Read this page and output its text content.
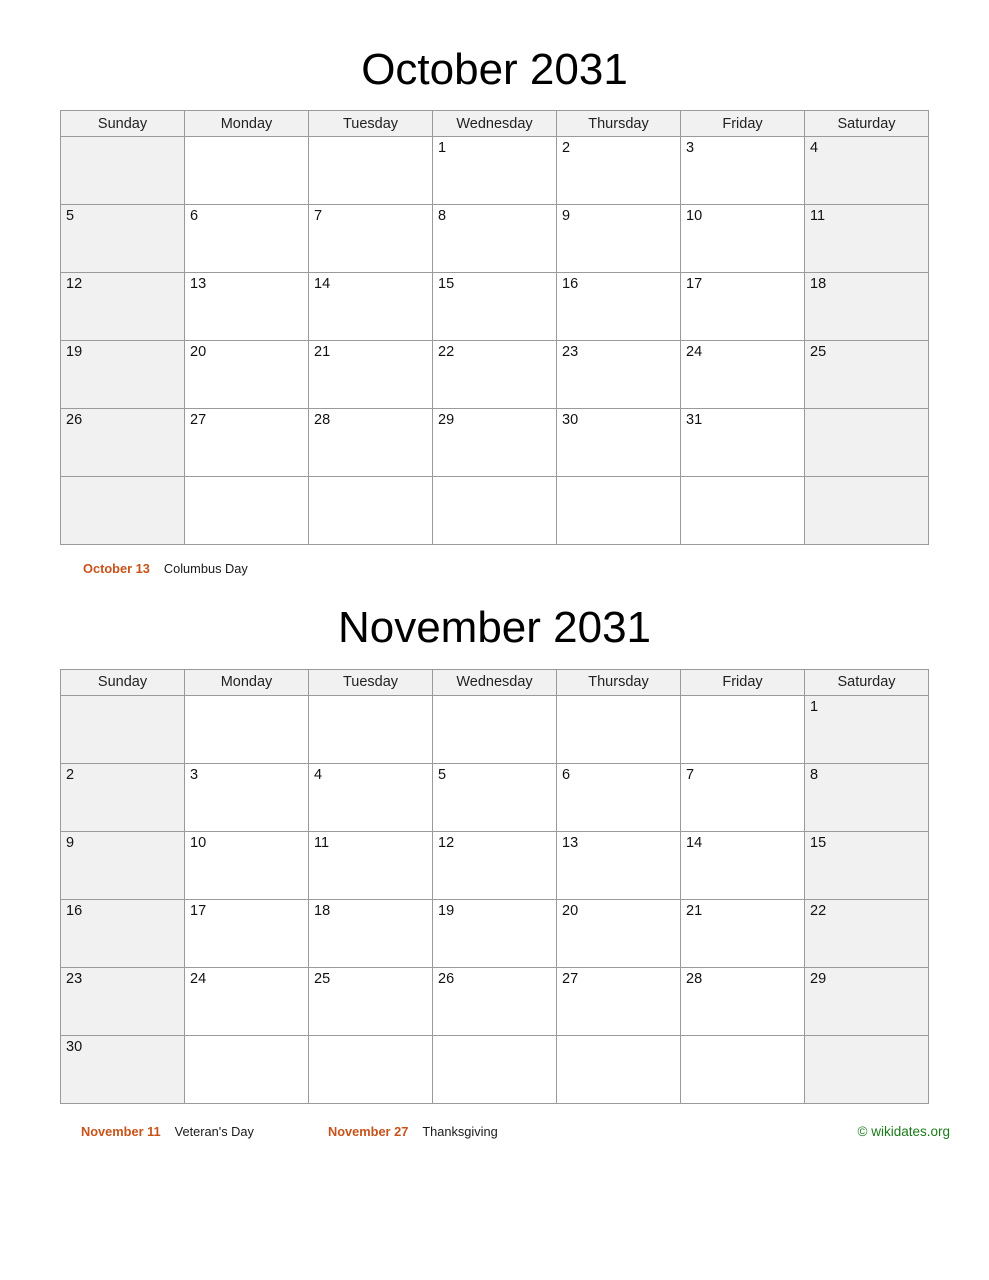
October 2031
Sunday	Monday	Tuesday	Wednesday	Thursday	Friday	Saturday
			1	2	3	4
5	6	7	8	9	10	11
12	13	14	15	16	17	18
19	20	21	22	23	24	25
26	27	28	29	30	31	

October 13 Columbus Day
November 2031
Sunday	Monday	Tuesday	Wednesday	Thursday	Friday	Saturday
						1
2	3	4	5	6	7	8
9	10	11	12	13	14	15
16	17	18	19	20	21	22
23	24	25	26	27	28	29
30						
November 11 Veteran's Day	November 27 Thanksgiving	© wikidates.org
